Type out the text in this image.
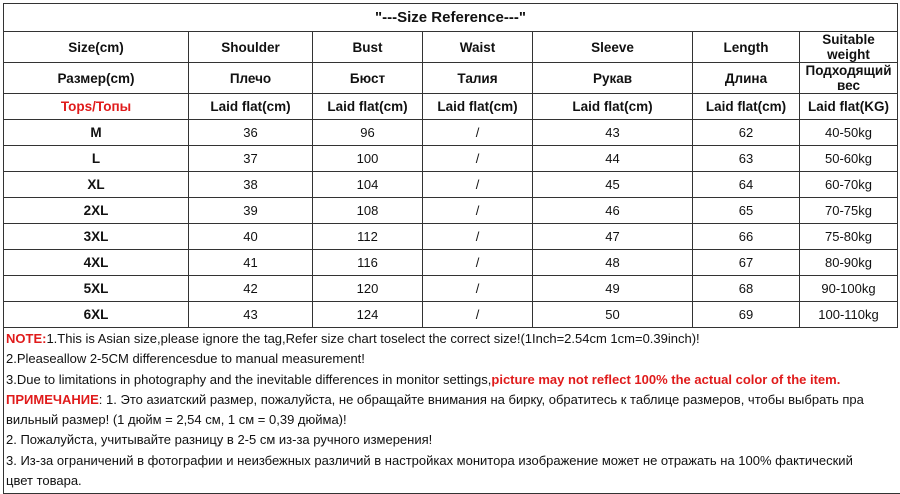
"---Size Reference---"						
Size(cm)	Shoulder	Bust	Waist	Sleeve	Length	Suitable weight
Размер(cm)	Плечо	Бюст	Талия	Рукав	Длина	Подходящий вес
Tops/Топы	Laid flat(cm)	Laid flat(cm)	Laid flat(cm)	Laid flat(cm)	Laid flat(cm)	Laid flat(KG)
M	36	96	/	43	62	40-50kg
L	37	100	/	44	63	50-60kg
XL	38	104	/	45	64	60-70kg
2XL	39	108	/	46	65	70-75kg
3XL	40	112	/	47	66	75-80kg
4XL	41	116	/	48	67	80-90kg
5XL	42	120	/	49	68	90-100kg
6XL	43	124	/	50	69	100-110kg
NOTE:1.This is Asian size,please ignore the tag,Refer size chart toselect the correct size!(1Inch=2.54cm 1cm=0.39inch)!
2.Pleaseallow 2-5CM differencesdue to manual measurement!
3.Due to limitations in photography and the inevitable differences in monitor settings,picture may not reflect 100% the actual color of the item.
ПРИМЕЧАНИЕ: 1. Это азиатский размер, пожалуйста, не обращайте внимания на бирку, обратитесь к таблице размеров, чтобы выбрать пра
вильный размер! (1 дюйм = 2,54 см, 1 см = 0,39 дюйма)!
2. Пожалуйста, учитывайте разницу в 2-5 см из-за ручного измерения!
3. Из-за ограничений в фотографии и неизбежных различий в настройках монитора изображение может не отражать на 100% фактический
цвет товара.
